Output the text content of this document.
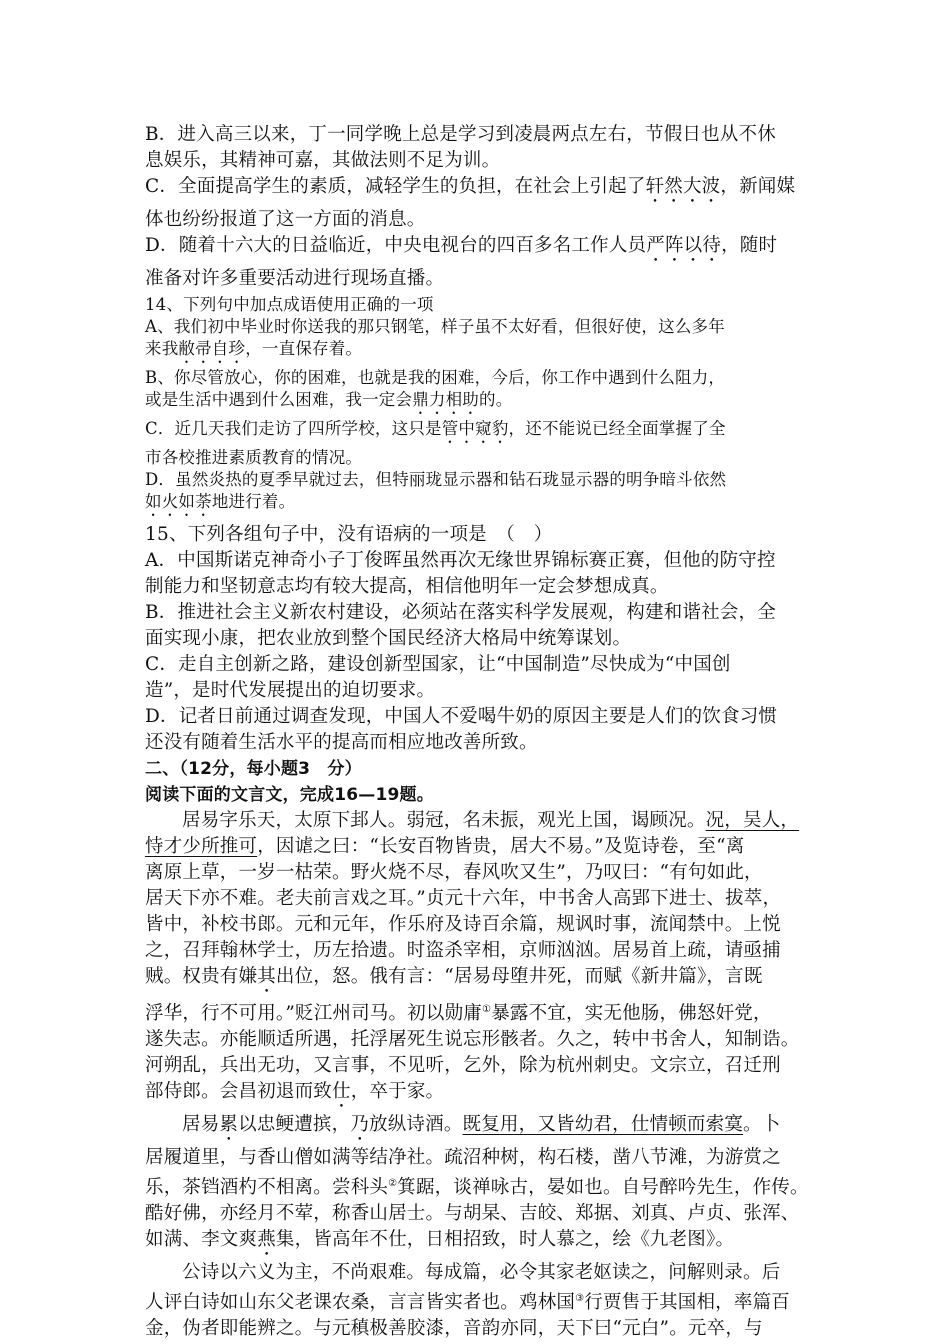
B．进入高三以来，丁一同学晚上总是学习到凌晨两点左右，节假日也从不休

息娱乐，其精神可嘉，其做法则不足为训。

C．全面提高学生的素质，减轻学生的负担，在社会上引起了轩然大波，新闻媒

体也纷纷报道了这一方面的消息。

D．随着十六大的日益临近，中央电视台的四百多名工作人员严阵以待，随时

准备对许多重要活动进行现场直播。

14、下列句中加点成语使用正确的一项

A、我们初中毕业时你送我的那只钢笔，样子虽不太好看，但很好使，这么多年

来我敝帚自珍，一直保存着。

B、你尽管放心，你的困难，也就是我的困难，今后，你工作中遇到什么阻力，

或是生活中遇到什么困难，我一定会鼎力相助的。

C．近几天我们走访了四所学校，这只是管中窥豹，还不能说已经全面掌握了全

市各校推进素质教育的情况。

D．虽然炎热的夏季早就过去，但特丽珑显示器和钻石珑显示器的明争暗斗依然

如火如荼地进行着。

15、下列各组句子中，没有语病的一项是　（　）

A．中国斯诺克神奇小子丁俊晖虽然再次无缘世界锦标赛正赛，但他的防守控

制能力和坚韧意志均有较大提高，相信他明年一定会梦想成真。

B．推进社会主义新农村建设，必须站在落实科学发展观，构建和谐社会，全

面实现小康，把农业放到整个国民经济大格局中统筹谋划。

C．走自主创新之路，建设创新型国家，让“中国制造”尽快成为“中国创

造”，是时代发展提出的迫切要求。

D．记者日前通过调查发现，中国人不爱喝牛奶的原因主要是人们的饮食习惯

还没有随着生活水平的提高而相应地改善所致。

二、（12分，每小题3　分）

阅读下面的文言文，完成16—19题。

居易字乐天，太原下邽人。弱冠，名未振，观光上国，谒顾况。况，吴人，

恃才少所推可，因谑之曰：“长安百物皆贵，居大不易。”及览诗卷，至“离

离原上草，一岁一枯荣。野火烧不尽，春风吹又生”，乃叹曰：“有句如此，

居天下亦不难。老夫前言戏之耳。”贞元十六年，中书舍人高郢下进士、拔萃，

皆中，补校书郎。元和元年，作乐府及诗百余篇，规讽时事，流闻禁中。上悦

之，召拜翰林学士，历左拾遗。时盗杀宰相，京师汹汹。居易首上疏，请亟捕

贼。权贵有嫌其出位，怒。俄有言：“居易母堕井死，而赋《新井篇》，言既

浮华，行不可用。”贬江州司马。初以勋庸①暴露不宜，实无他肠，佛怒奸党，

遂失志。亦能顺适所遇，托浮屠死生说忘形骸者。久之，转中书舍人，知制诰。

河朔乱，兵出无功，又言事，不见听，乞外，除为杭州刺史。文宗立，召迁刑

部侍郎。会昌初退而致仕，卒于家。

居易累以忠鲠遭摈，乃放纵诗酒。既复用，又皆幼君，仕情顿而索寞。卜

居履道里，与香山僧如满等结净社。疏沼种树，构石楼，凿八节滩，为游赏之

乐，茶铛酒杓不相离。尝科头②箕踞，谈禅咏古，晏如也。自号醉吟先生，作传。

酷好佛，亦经月不荤，称香山居士。与胡杲、吉皎、郑据、刘真、卢贞、张浑、

如满、李文爽燕集，皆高年不仕，日相招致，时人慕之，绘《九老图》。

公诗以六义为主，不尚艰难。每成篇，必令其家老妪读之，问解则录。后

人评白诗如山东父老课农桑，言言皆实者也。鸡林国③行贾售于其国相，率篇百

金，伪者即能辨之。与元稹极善胶漆，音韵亦同，天下曰“元白”。元卒，与
